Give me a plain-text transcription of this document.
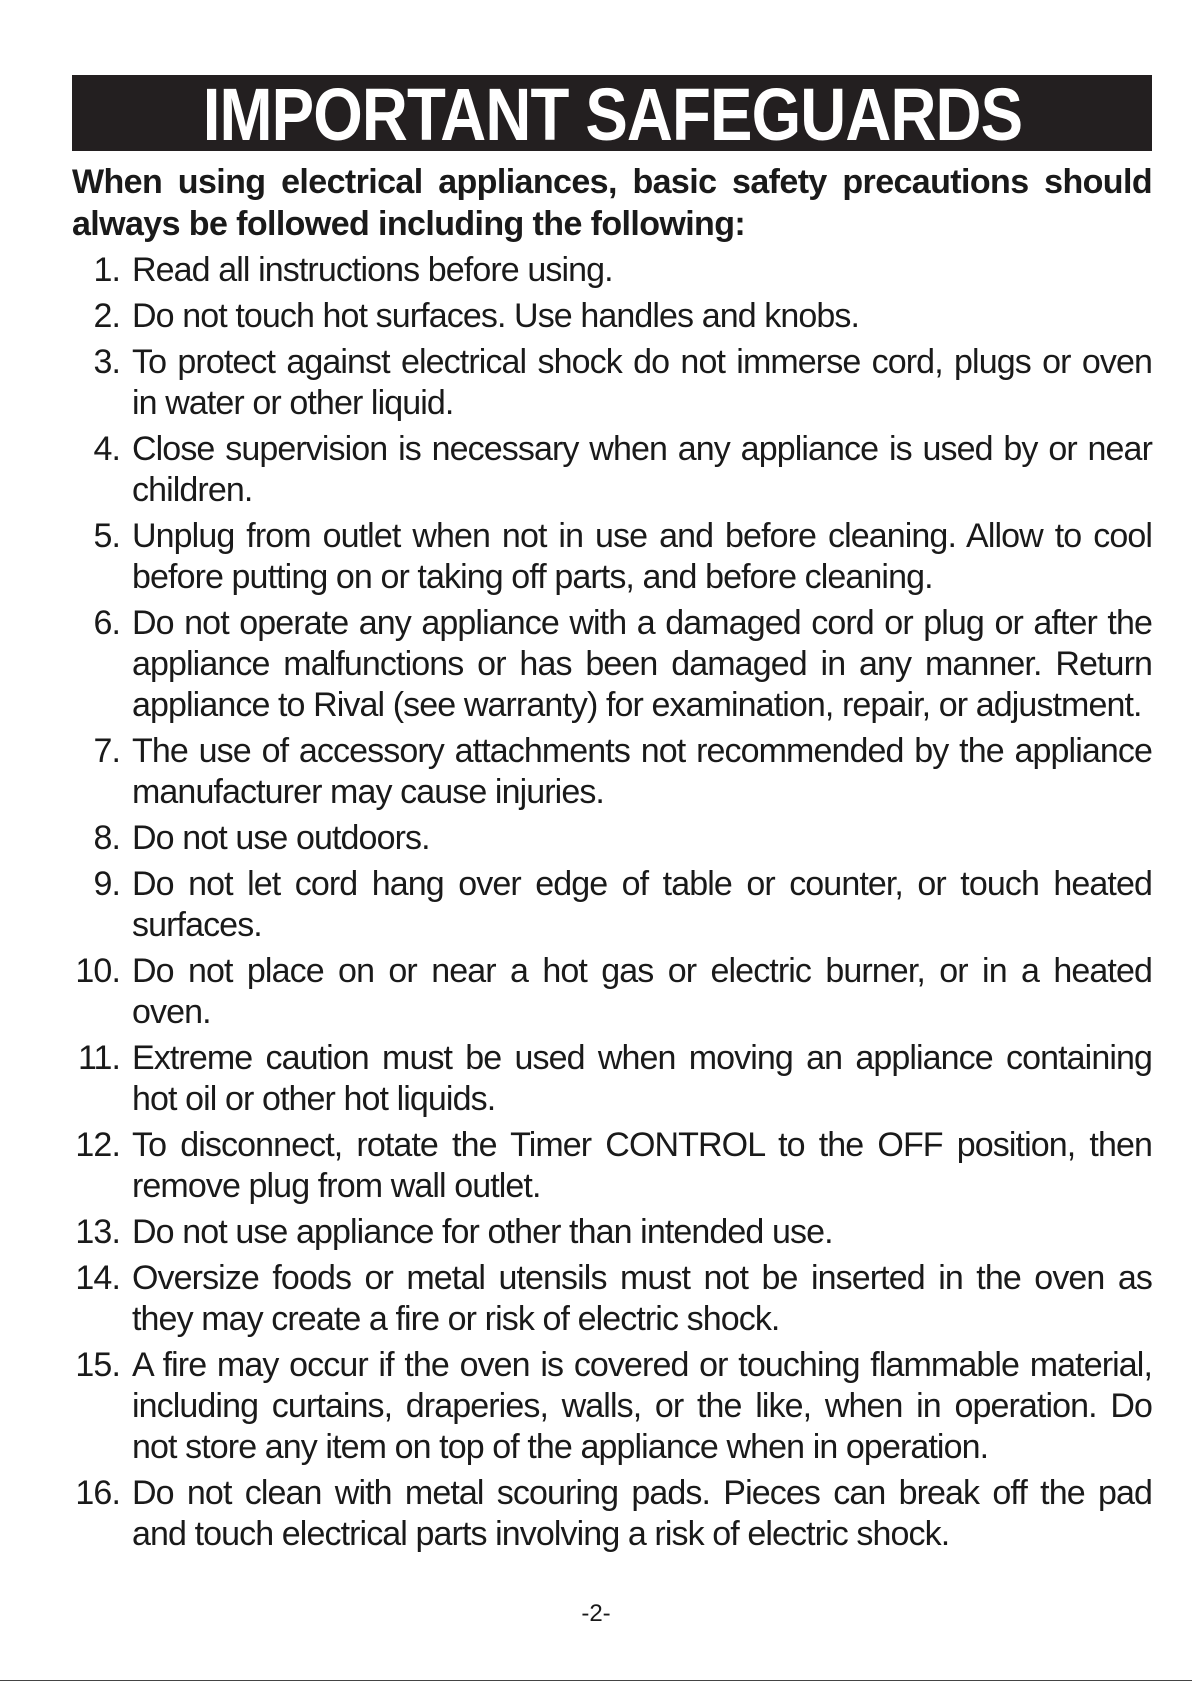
IMPORTANT SAFEGUARDS

When using electrical appliances, basic safety precautions should always be followed including the following:

1. Read all instructions before using.
2. Do not touch hot surfaces. Use handles and knobs.
3. To protect against electrical shock do not immerse cord, plugs or oven in water or other liquid.
4. Close supervision is necessary when any appliance is used by or near children.
5. Unplug from outlet when not in use and before cleaning. Allow to cool before putting on or taking off parts, and before cleaning.
6. Do not operate any appliance with a damaged cord or plug or after the appliance malfunctions or has been damaged in any manner. Return appliance to Rival (see warranty) for examination, repair, or adjustment.
7. The use of accessory attachments not recommended by the appliance manufacturer may cause injuries.
8. Do not use outdoors.
9. Do not let cord hang over edge of table or counter, or touch heated surfaces.
10. Do not place on or near a hot gas or electric burner, or in a heated oven.
11. Extreme caution must be used when moving an appliance containing hot oil or other hot liquids.
12. To disconnect, rotate the Timer CONTROL to the OFF position, then remove plug from wall outlet.
13. Do not use appliance for other than intended use.
14. Oversize foods or metal utensils must not be inserted in the oven as they may create a fire or risk of electric shock.
15. A fire may occur if the oven is covered or touching flammable material, including curtains, draperies, walls, or the like, when in operation. Do not store any item on top of the appliance when in operation.
16. Do not clean with metal scouring pads. Pieces can break off the pad and touch electrical parts involving a risk of electric shock.
-2-
